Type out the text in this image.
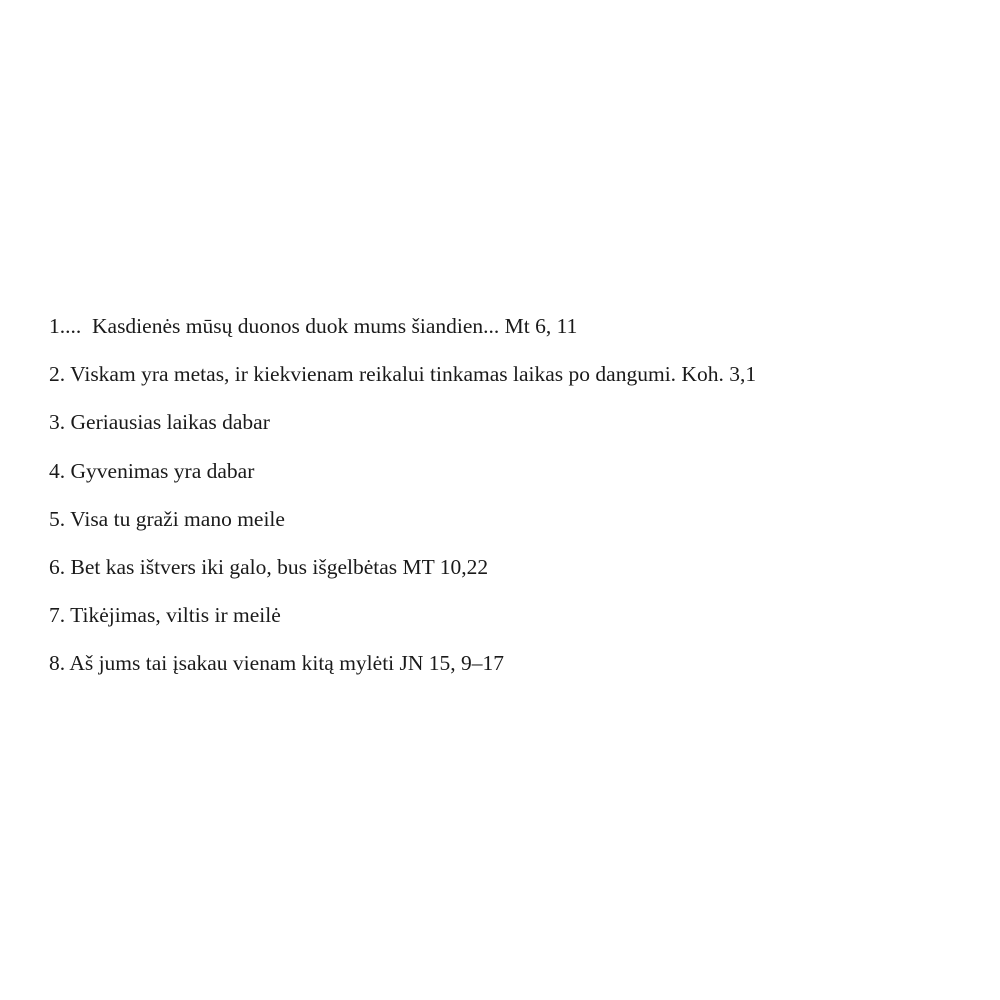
1....  Kasdienės mūsų duonos duok mums šiandien... Mt 6, 11
2. Viskam yra metas, ir kiekvienam reikalui tinkamas laikas po dangumi. Koh. 3,1
3. Geriausias laikas dabar
4. Gyvenimas yra dabar
5. Visa tu graži mano meile
6. Bet kas ištvers iki galo, bus išgelbėtas MT 10,22
7. Tikėjimas, viltis ir meilė
8. Aš jums tai įsakau vienam kitą mylėti JN 15, 9–17
